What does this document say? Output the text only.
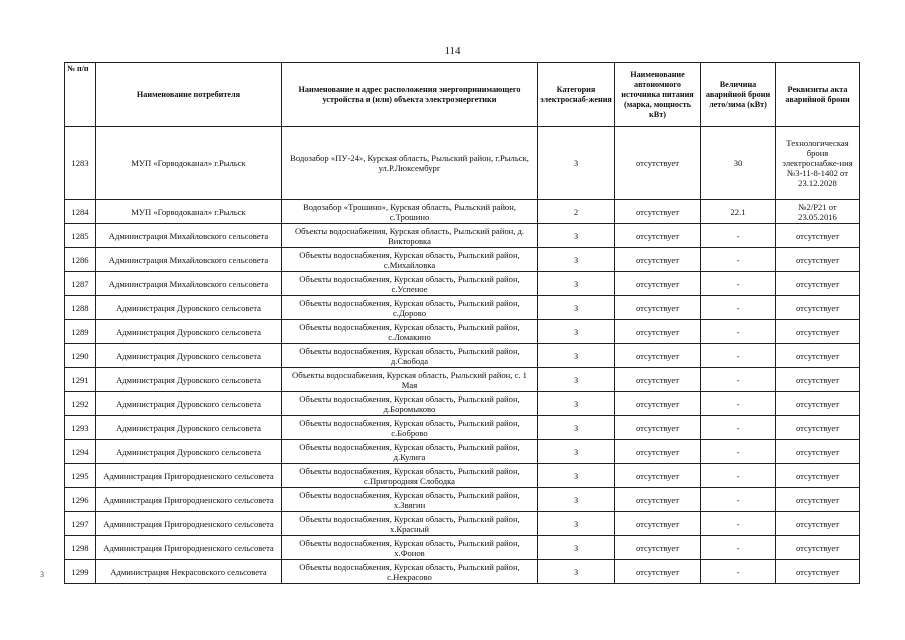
114
3
№ п/п	Наименование потребителя	Наименование и адрес расположения энергопринимающего устройства и (или) объекта электроэнергетики	Категория электроснаб-жения	Наименование автономного источника питания (марка, мощность кВт)	Величина аварийной брони лето/зима (кВт)	Реквизиты акта аварийной брони
1283	МУП «Горводоканал» г.Рыльск	Водозабор «ПУ-24», Курская область, Рыльский район, г.Рыльск, ул.Р.Люксембург	3	отсутствует	30	Технологическая броня электроснабже-ния №3-11-8-1402 от 23.12.2028
1284	МУП «Горводоканал» г.Рыльск	Водозабор «Трошино», Курская область, Рыльский район, с.Трошино	2	отсутствует	22.1	№2/Р21 от 23.05.2016
1285	Администрация Михайловского сельсовета	Объекты водоснабжения, Курская область, Рыльский район, д. Викторовка	3	отсутствует	-	отсутствует
1286	Администрация Михайловского сельсовета	Объекты водоснабжения, Курская область, Рыльский район, с.Михайловка	3	отсутствует	-	отсутствует
1287	Администрация Михайловского сельсовета	Объекты водоснабжения, Курская область, Рыльский район, с.Успеное	3	отсутствует	-	отсутствует
1288	Администрация Дуровского сельсовета	Объекты водоснабжения, Курская область, Рыльский район, с.Дорово	3	отсутствует	-	отсутствует
1289	Администрация Дуровского сельсовета	Объекты водоснабжения, Курская область, Рыльский район, с.Ломакино	3	отсутствует	-	отсутствует
1290	Администрация Дуровского сельсовета	Объекты водоснабжения, Курская область, Рыльский район, д.Свобода	3	отсутствует	-	отсутствует
1291	Администрация Дуровского сельсовета	Объекты водоснабжения, Курская область, Рыльский район, с. 1 Мая	3	отсутствует	-	отсутствует
1292	Администрация Дуровского сельсовета	Объекты водоснабжения, Курская область, Рыльский район, д.Боромыково	3	отсутствует	-	отсутствует
1293	Администрация Дуровского сельсовета	Объекты водоснабжения, Курская область, Рыльский район, с.Боброво	3	отсутствует	-	отсутствует
1294	Администрация Дуровского сельсовета	Объекты водоснабжения, Курская область, Рыльский район, д.Кулига	3	отсутствует	-	отсутствует
1295	Администрация Пригородненского сельсовета	Объекты водоснабжения, Курская область, Рыльский район, с.Пригородняя Слободка	3	отсутствует	-	отсутствует
1296	Администрация Пригородненского сельсовета	Объекты водоснабжения, Курская область, Рыльский район, х.Звягин	3	отсутствует	-	отсутствует
1297	Администрация Пригородненского сельсовета	Объекты водоснабжения, Курская область, Рыльский район, х.Красный	3	отсутствует	-	отсутствует
1298	Администрация Пригородненского сельсовета	Объекты водоснабжения, Курская область, Рыльский район, х.Фонов	3	отсутствует	-	отсутствует
1299	Администрация Некрасовского сельсовета	Объекты водоснабжения, Курская область, Рыльский район, с.Некрасово	3	отсутствует	-	отсутствует
